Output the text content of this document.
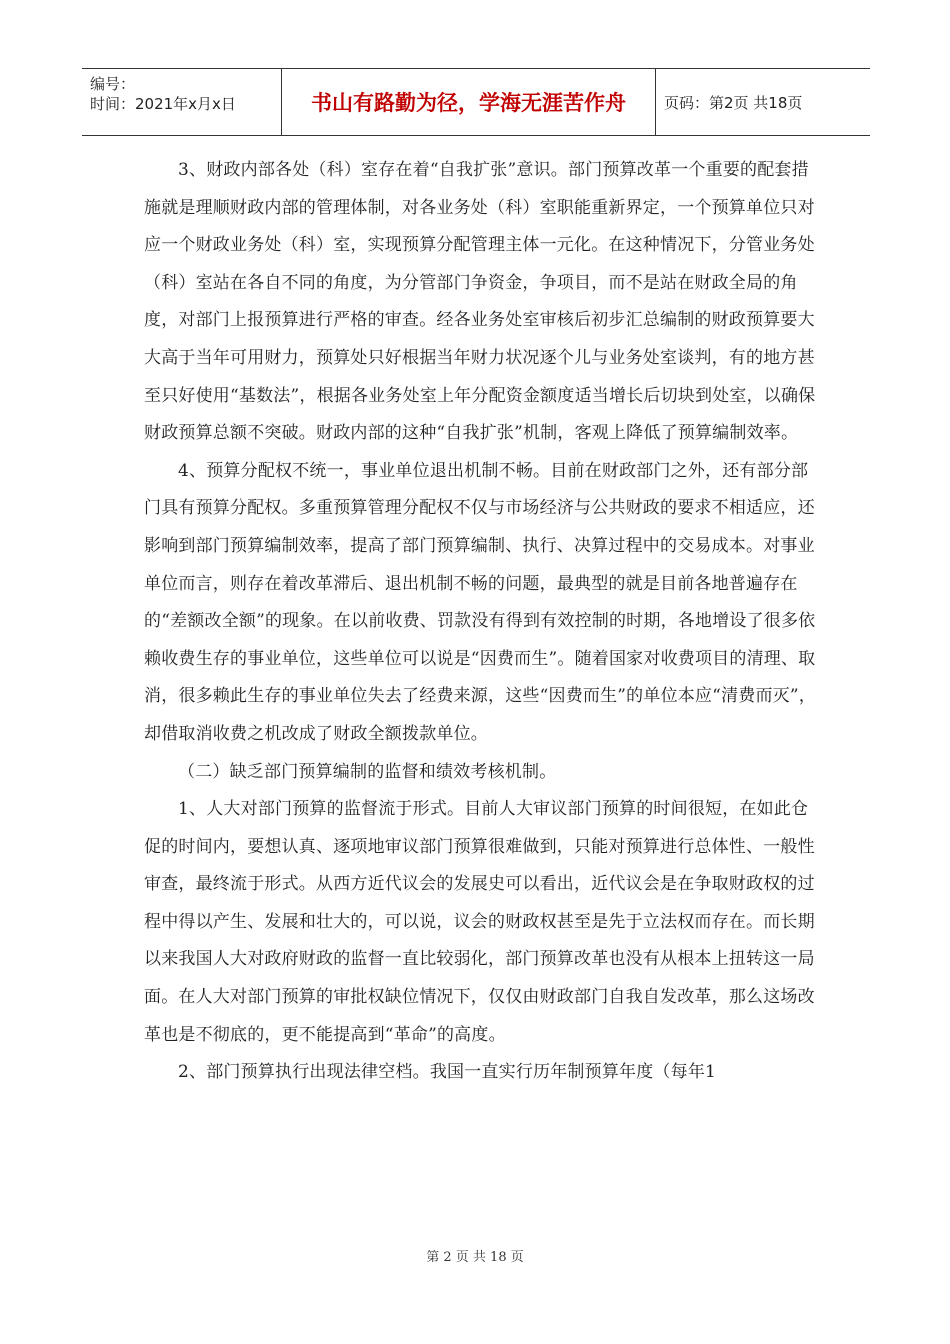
编号：
时间：2021年x月x日	书山有路勤为径，学海无涯苦作舟	页码：第2页 共18页

3、财政内部各处（科）室存在着“自我扩张”意识。部门预算改革一个重要的配套措施就是理顺财政内部的管理体制，对各业务处（科）室职能重新界定，一个预算单位只对应一个财政业务处（科）室，实现预算分配管理主体一元化。在这种情况下，分管业务处（科）室站在各自不同的角度，为分管部门争资金，争项目，而不是站在财政全局的角度，对部门上报预算进行严格的审查。经各业务处室审核后初步汇总编制的财政预算要大大高于当年可用财力，预算处只好根据当年财力状况逐个儿与业务处室谈判，有的地方甚至只好使用“基数法”，根据各业务处室上年分配资金额度适当增长后切块到处室，以确保财政预算总额不突破。财政内部的这种“自我扩张”机制，客观上降低了预算编制效率。

4、预算分配权不统一，事业单位退出机制不畅。目前在财政部门之外，还有部分部门具有预算分配权。多重预算管理分配权不仅与市场经济与公共财政的要求不相适应，还影响到部门预算编制效率，提高了部门预算编制、执行、决算过程中的交易成本。对事业单位而言，则存在着改革滞后、退出机制不畅的问题，最典型的就是目前各地普遍存在的“差额改全额”的现象。在以前收费、罚款没有得到有效控制的时期，各地增设了很多依赖收费生存的事业单位，这些单位可以说是“因费而生”。随着国家对收费项目的清理、取消，很多赖此生存的事业单位失去了经费来源，这些“因费而生”的单位本应“清费而灭”，却借取消收费之机改成了财政全额拨款单位。

（二）缺乏部门预算编制的监督和绩效考核机制。

1、人大对部门预算的监督流于形式。目前人大审议部门预算的时间很短，在如此仓促的时间内，要想认真、逐项地审议部门预算很难做到，只能对预算进行总体性、一般性审查，最终流于形式。从西方近代议会的发展史可以看出，近代议会是在争取财政权的过程中得以产生、发展和壮大的，可以说，议会的财政权甚至是先于立法权而存在。而长期以来我国人大对政府财政的监督一直比较弱化，部门预算改革也没有从根本上扭转这一局面。在人大对部门预算的审批权缺位情况下，仅仅由财政部门自我自发改革，那么这场改革也是不彻底的，更不能提高到“革命”的高度。

2、部门预算执行出现法律空档。我国一直实行历年制预算年度（每年1

第 2 页 共 18 页
